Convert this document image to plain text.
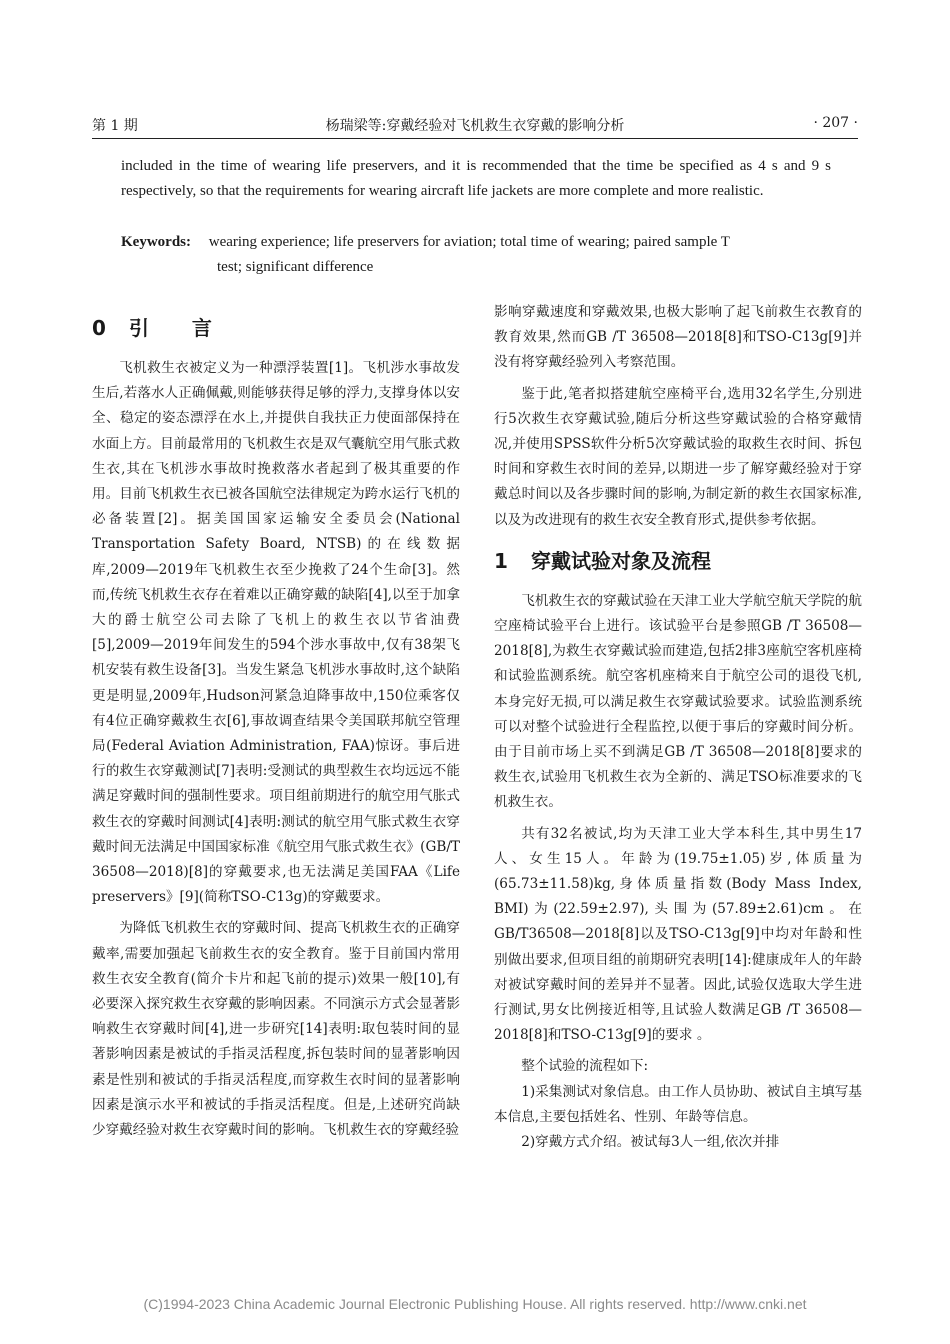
第 1 期	杨瑞梁等:穿戴经验对飞机救生衣穿戴的影响分析	· 207 ·
included in the time of wearing life preservers, and it is recommended that the time be specified as 4 s and 9 s respectively, so that the requirements for wearing aircraft life jackets are more complete and more realistic.
Keywords: wearing experience; life preservers for aviation; total time of wearing; paired sample T
test; significant difference
0 引 言

飞机救生衣被定义为一种漂浮装置[1]。飞机涉水事故发生后,若落水人正确佩戴,则能够获得足够的浮力,支撑身体以安全、稳定的姿态漂浮在水上,并提供自我扶正力使面部保持在水面上方。目前最常用的飞机救生衣是双气囊航空用气胀式救生衣,其在飞机涉水事故时挽救落水者起到了极其重要的作用。目前飞机救生衣已被各国航空法律规定为跨水运行飞机的必备装置[2]。据美国国家运输安全委员会(National Transportation Safety Board, NTSB)的在线数据库,2009—2019年飞机救生衣至少挽救了24个生命[3]。然而,传统飞机救生衣存在着难以正确穿戴的缺陷[4],以至于加拿大的爵士航空公司去除了飞机上的救生衣以节省油费[5],2009—2019年间发生的594个涉水事故中,仅有38架飞机安装有救生设备[3]。当发生紧急飞机涉水事故时,这个缺陷更是明显,2009年,Hudson河紧急迫降事故中,150位乘客仅有4位正确穿戴救生衣[6],事故调查结果令美国联邦航空管理局(Federal Aviation Administration, FAA)惊讶。事后进行的救生衣穿戴测试[7]表明:受测试的典型救生衣均远远不能满足穿戴时间的强制性要求。项目组前期进行的航空用气胀式救生衣的穿戴时间测试[4]表明:测试的航空用气胀式救生衣穿戴时间无法满足中国国家标准《航空用气胀式救生衣》(GB/T 36508—2018)[8]的穿戴要求,也无法满足美国FAA《Life preservers》[9](简称TSO-C13g)的穿戴要求。

为降低飞机救生衣的穿戴时间、提高飞机救生衣的正确穿戴率,需要加强起飞前救生衣的安全教育。鉴于目前国内常用救生衣安全教育(简介卡片和起飞前的提示)效果一般[10],有必要深入探究救生衣穿戴的影响因素。不同演示方式会显著影响救生衣穿戴时间[4],进一步研究[14]表明:取包装时间的显著影响因素是被试的手指灵活程度,拆包装时间的显著影响因素是性别和被试的手指灵活程度,而穿救生衣时间的显著影响因素是演示水平和被试的手指灵活程度。但是,上述研究尚缺少穿戴经验对救生衣穿戴时间的影响。飞机救生衣的穿戴经验

影响穿戴速度和穿戴效果,也极大影响了起飞前救生衣教育的教育效果,然而GB /T 36508—2018[8]和TSO-C13g[9]并没有将穿戴经验列入考察范围。

鉴于此,笔者拟搭建航空座椅平台,选用32名学生,分别进行5次救生衣穿戴试验,随后分析这些穿戴试验的合格穿戴情况,并使用SPSS软件分析5次穿戴试验的取救生衣时间、拆包时间和穿救生衣时间的差异,以期进一步了解穿戴经验对于穿戴总时间以及各步骤时间的影响,为制定新的救生衣国家标准,以及为改进现有的救生衣安全教育形式,提供参考依据。

1 穿戴试验对象及流程

飞机救生衣的穿戴试验在天津工业大学航空航天学院的航空座椅试验平台上进行。该试验平台是参照GB /T 36508—2018[8],为救生衣穿戴试验而建造,包括2排3座航空客机座椅和试验监测系统。航空客机座椅来自于航空公司的退役飞机,本身完好无损,可以满足救生衣穿戴试验要求。试验监测系统可以对整个试验进行全程监控,以便于事后的穿戴时间分析。由于目前市场上买不到满足GB /T 36508—2018[8]要求的救生衣,试验用飞机救生衣为全新的、满足TSO标准要求的飞机救生衣。

共有32名被试,均为天津工业大学本科生,其中男生17人、女生15人。年龄为(19.75±1.05)岁,体质量为(65.73±11.58)kg,身体质量指数(Body Mass Index, BMI)为(22.59±2.97),头围为(57.89±2.61)cm。在GB/T36508—2018[8]以及TSO-C13g[9]中均对年龄和性别做出要求,但项目组的前期研究表明[14]:健康成年人的年龄对被试穿戴时间的差异并不显著。因此,试验仅选取大学生进行测试,男女比例接近相等,且试验人数满足GB /T 36508—2018[8]和TSO-C13g[9]的要求 。

整个试验的流程如下:

1)采集测试对象信息。由工作人员协助、被试自主填写基本信息,主要包括姓名、性别、年龄等信息。

2)穿戴方式介绍。被试每3人一组,依次并排

(C)1994-2023 China Academic Journal Electronic Publishing House. All rights reserved. http://www.cnki.net
